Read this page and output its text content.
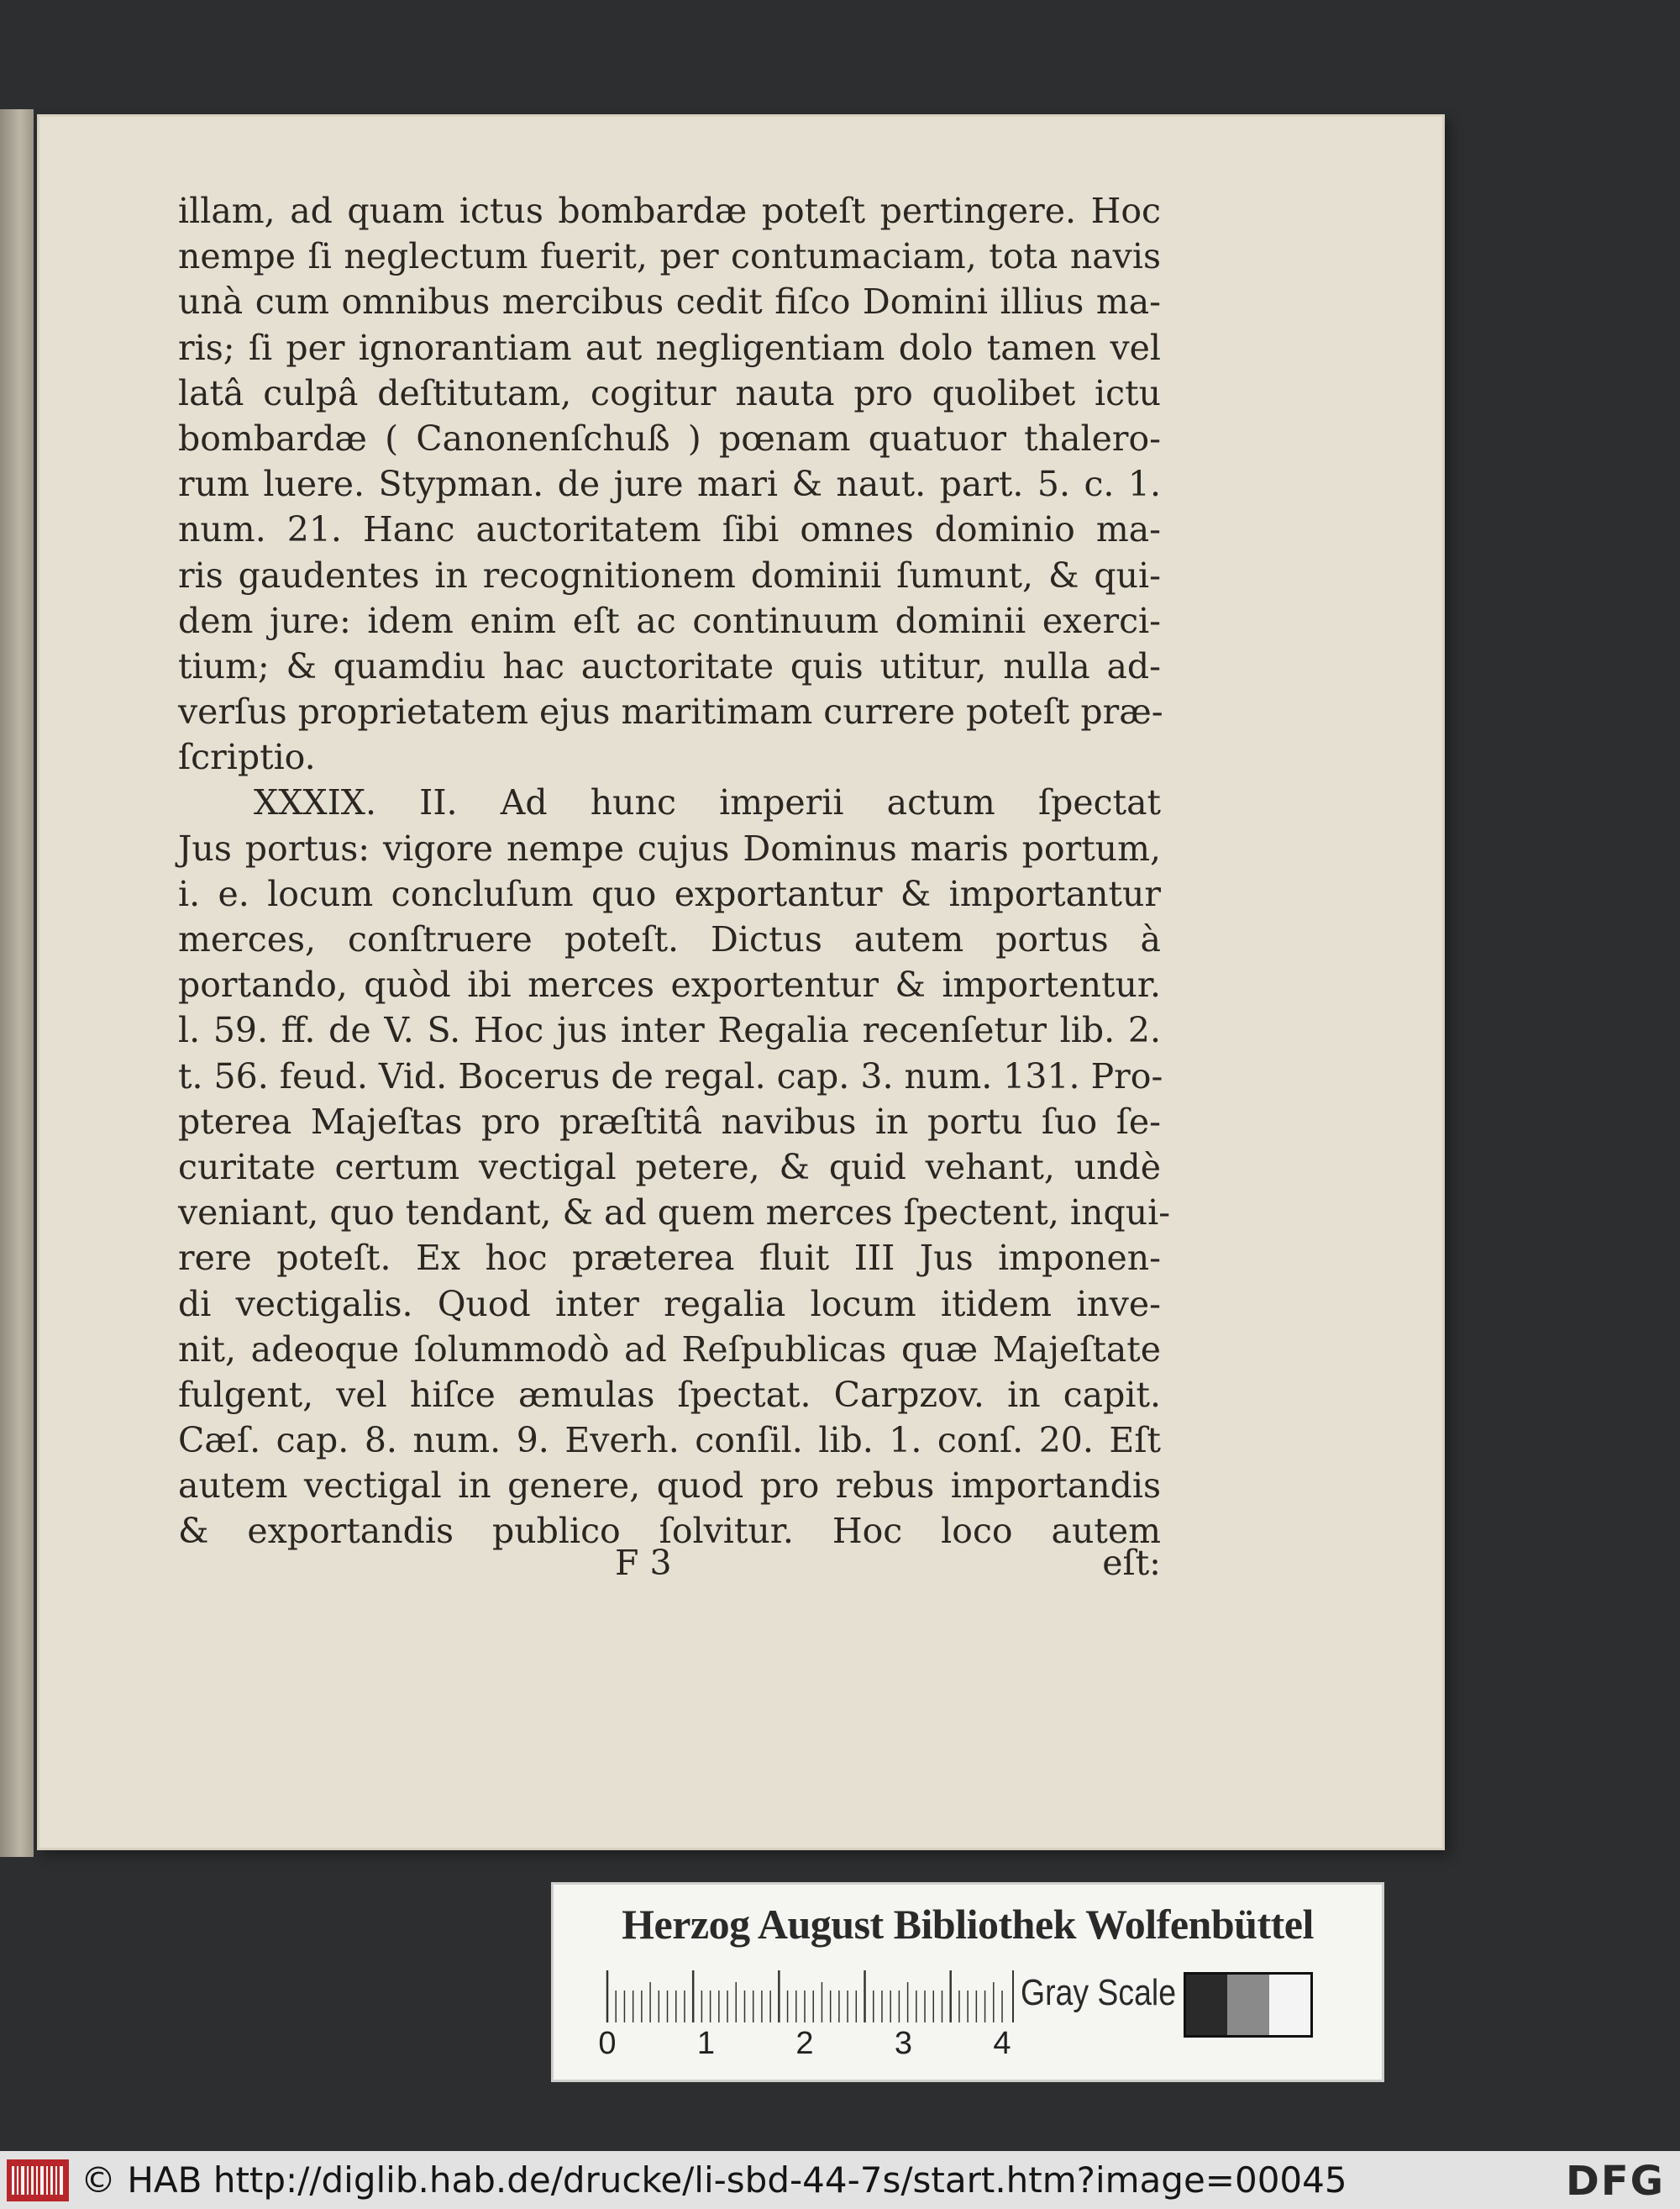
illam, ad quam ictus bombardæ poteſt pertingere. Hoc
nempe ſi neglectum fuerit, per contumaciam, tota navis
unà cum omnibus mercibus cedit fiſco Domini illius ma-
ris; ſi per ignorantiam aut negligentiam dolo tamen vel
latâ culpâ deſtitutam, cogitur nauta pro quolibet ictu
bombardæ ( Canonenſchuß ) pœnam quatuor thalero-
rum luere. Stypman. de jure mari & naut. part. 5. c. 1.
num. 21. Hanc auctoritatem ſibi omnes dominio ma-
ris gaudentes in recognitionem dominii ſumunt, & qui-
dem jure: idem enim eſt ac continuum dominii exerci-
tium; & quamdiu hac auctoritate quis utitur, nulla ad-
verſus proprietatem ejus maritimam currere poteſt præ-
ſcriptio.
XXXIX. II. Ad hunc imperii actum ſpectat
Jus portus: vigore nempe cujus Dominus maris portum,
i. e. locum concluſum quo exportantur & importantur
merces, conſtruere poteſt. Dictus autem portus à
portando, quòd ibi merces exportentur & importentur.
l. 59. ff. de V. S. Hoc jus inter Regalia recenſetur lib. 2.
t. 56. feud. Vid. Bocerus de regal. cap. 3. num. 131. Pro-
pterea Majeſtas pro præſtitâ navibus in portu ſuo ſe-
curitate certum vectigal petere, & quid vehant, undè
veniant, quo tendant, & ad quem merces ſpectent, inqui-
rere poteſt. Ex hoc præterea fluit III Jus imponen-
di vectigalis. Quod inter regalia locum itidem inve-
nit, adeoque ſolummodò ad Reſpublicas quæ Majeſtate
fulgent, vel hiſce æmulas ſpectat. Carpzov. in capit.
Cæſ. cap. 8. num. 9. Everh. conſil. lib. 1. conſ. 20. Eſt
autem vectigal in genere, quod pro rebus importandis
& exportandis publico ſolvitur. Hoc loco autem
F 3	eſt:
Herzog August Bibliothek Wolfenbüttel
0	1	2	3	4
Gray Scale
© HAB http://diglib.hab.de/drucke/li-sbd-44-7s/start.htm?image=00045	DFG
